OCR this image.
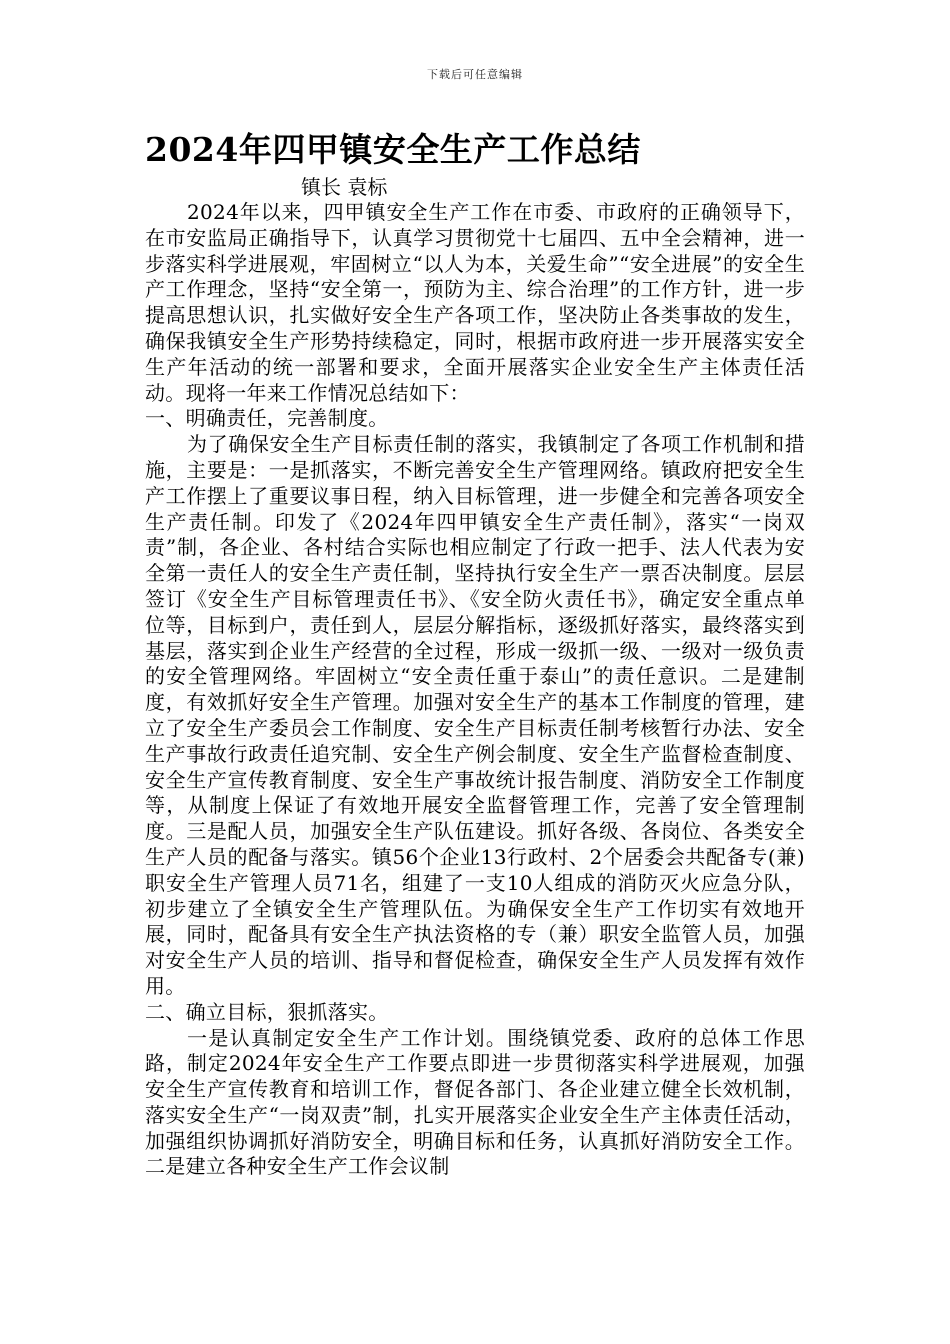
下载后可任意编辑
2024年四甲镇安全生产工作总结
镇长 袁标

2024年以来，四甲镇安全生产工作在市委、市政府的正确领导下，在市安监局正确指导下，认真学习贯彻党十七届四、五中全会精神，进一步落实科学进展观，牢固树立“以人为本，关爱生命”“安全进展”的安全生产工作理念，坚持“安全第一，预防为主、综合治理”的工作方针，进一步提高思想认识，扎实做好安全生产各项工作，坚决防止各类事故的发生，确保我镇安全生产形势持续稳定，同时，根据市政府进一步开展落实安全生产年活动的统一部署和要求，全面开展落实企业安全生产主体责任活动。现将一年来工作情况总结如下：

一、明确责任，完善制度。

为了确保安全生产目标责任制的落实，我镇制定了各项工作机制和措施，主要是：一是抓落实，不断完善安全生产管理网络。镇政府把安全生产工作摆上了重要议事日程，纳入目标管理，进一步健全和完善各项安全生产责任制。印发了《2024年四甲镇安全生产责任制》，落实“一岗双责”制，各企业、各村结合实际也相应制定了行政一把手、法人代表为安全第一责任人的安全生产责任制，坚持执行安全生产一票否决制度。层层签订《安全生产目标管理责任书》、《安全防火责任书》，确定安全重点单位等，目标到户，责任到人，层层分解指标，逐级抓好落实，最终落实到基层，落实到企业生产经营的全过程，形成一级抓一级、一级对一级负责的安全管理网络。牢固树立“安全责任重于泰山”的责任意识。二是建制度，有效抓好安全生产管理。加强对安全生产的基本工作制度的管理，建立了安全生产委员会工作制度、安全生产目标责任制考核暂行办法、安全生产事故行政责任追究制、安全生产例会制度、安全生产监督检查制度、安全生产宣传教育制度、安全生产事故统计报告制度、消防安全工作制度等，从制度上保证了有效地开展安全监督管理工作，完善了安全管理制度。三是配人员，加强安全生产队伍建设。抓好各级、各岗位、各类安全生产人员的配备与落实。镇56个企业13行政村、2个居委会共配备专(兼)职安全生产管理人员71名，组建了一支10人组成的消防灭火应急分队，初步建立了全镇安全生产管理队伍。为确保安全生产工作切实有效地开展，同时，配备具有安全生产执法资格的专（兼）职安全监管人员，加强对安全生产人员的培训、指导和督促检查，确保安全生产人员发挥有效作用。

二、确立目标，狠抓落实。

一是认真制定安全生产工作计划。围绕镇党委、政府的总体工作思路，制定2024年安全生产工作要点即进一步贯彻落实科学进展观，加强安全生产宣传教育和培训工作，督促各部门、各企业建立健全长效机制，落实安全生产“一岗双责”制，扎实开展落实企业安全生产主体责任活动，加强组织协调抓好消防安全，明确目标和任务，认真抓好消防安全工作。二是建立各种安全生产工作会议制
